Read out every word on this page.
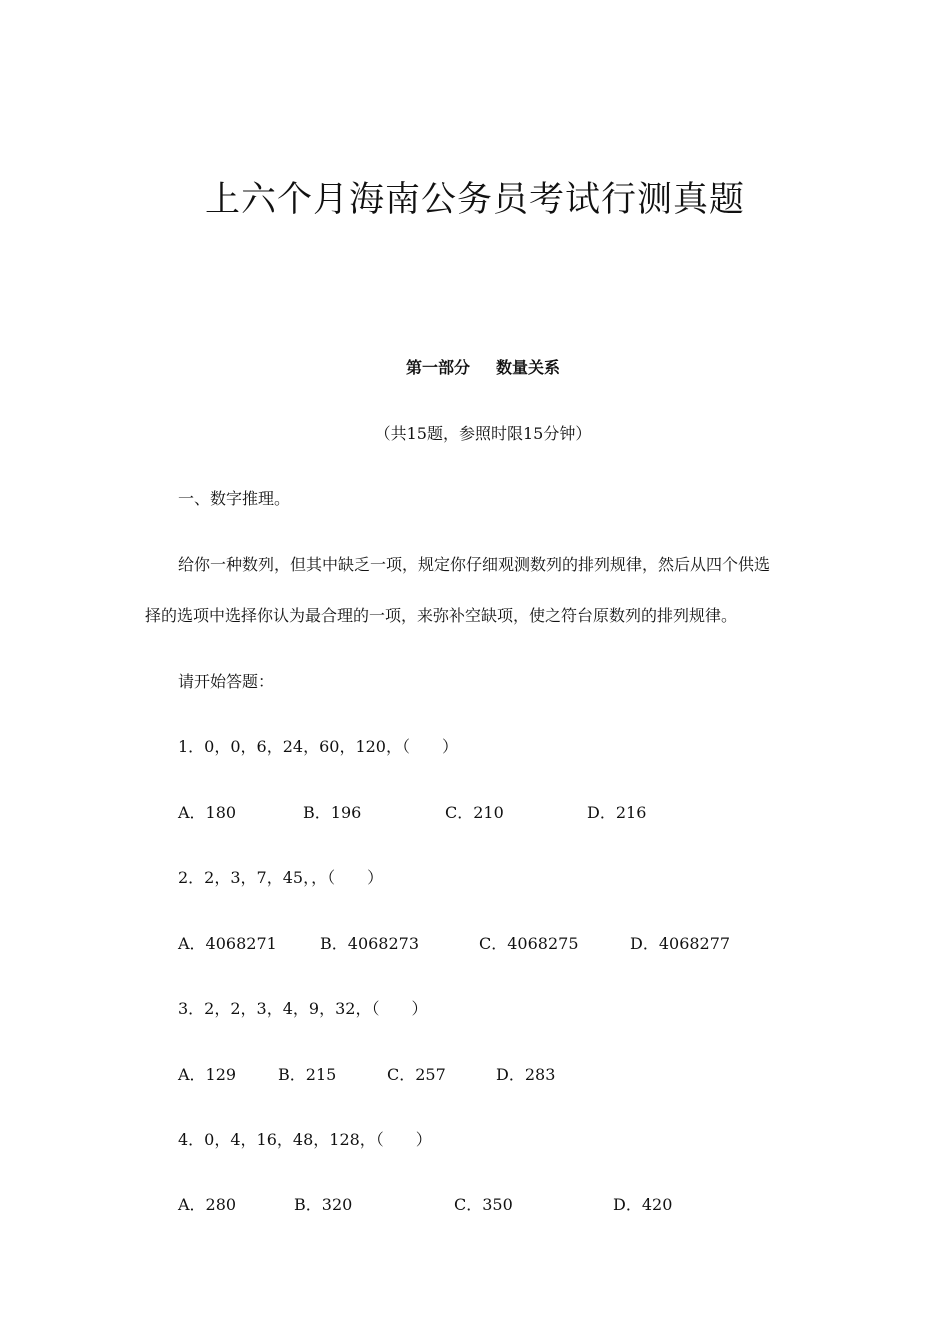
上六个月海南公务员考试行测真题
第一部分 数量关系
（共15题，参照时限15分钟）
一、数字推理。
给你一种数列，但其中缺乏一项，规定你仔细观测数列的排列规律，然后从四个供选
择的选项中选择你认为最合理的一项，来弥补空缺项，使之符台原数列的排列规律。
请开始答题：
1．0，0，6，24，60，120，（　　）
A．180	B．196	C．210	D．216
2．2，3，7，45，，（　　）
A．4068271	B．4068273	C．4068275	D．4068277
3．2，2，3，4，9，32，（　　）
A．129	B．215	C．257	D．283
4．0，4，16，48，128，（　　）
A．280	B．320	C．350	D．420
